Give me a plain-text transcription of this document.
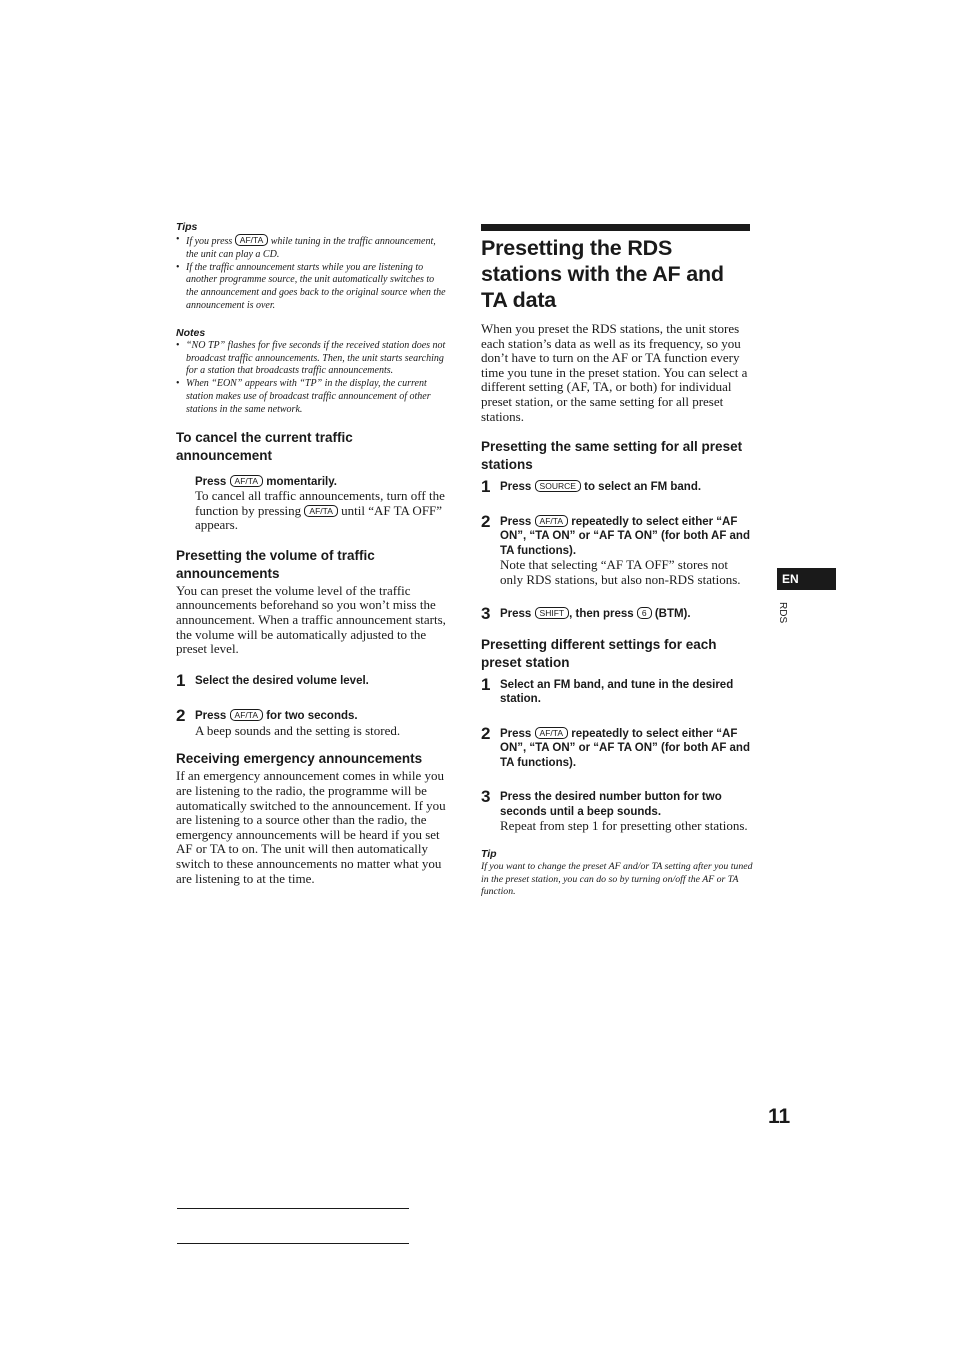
Tips

• If you press AF/TA while tuning in the traffic announcement, the unit can play a CD.
• If the traffic announcement starts while you are listening to another programme source, the unit automatically switches to the announcement and goes back to the original source when the announcement is over.

Notes

• “NO TP” flashes for five seconds if the received station does not broadcast traffic announcements. Then, the unit starts searching for a station that broadcasts traffic announcements.
• When “EON” appears with “TP” in the display, the current station makes use of broadcast traffic announcement of other stations in the same network.
To cancel the current traffic announcement
Press AF/TA momentarily.
To cancel all traffic announcements, turn off the function by pressing AF/TA until “AF TA OFF” appears.
Presetting the volume of traffic announcements

You can preset the volume level of the traffic announcements beforehand so you won’t miss the announcement. When a traffic announcement starts, the volume will be automatically adjusted to the preset level.

1 Select the desired volume level.
2 Press AF/TA for two seconds.
A beep sounds and the setting is stored.
Receiving emergency announcements

If an emergency announcement comes in while you are listening to the radio, the programme will be automatically switched to the announcement. If you are listening to a source other than the radio, the emergency announcements will be heard if you set AF or TA to on. The unit will then automatically switch to these announcements no matter what you are listening to at the time.

Presetting the RDS stations with the AF and TA data

When you preset the RDS stations, the unit stores each station’s data as well as its frequency, so you don’t have to turn on the AF or TA function every time you tune in the preset station. You can select a different setting (AF, TA, or both) for individual preset station, or the same setting for all preset stations.

Presetting the same setting for all preset stations
1 Press SOURCE to select an FM band.
2 Press AF/TA repeatedly to select either “AF ON”, “TA ON” or “AF TA ON” (for both AF and TA functions).
Note that selecting “AF TA OFF” stores not only RDS stations, but also non-RDS stations.
3 Press SHIFT , then press 6 (BTM).
Presetting different settings for each preset station
1 Select an FM band, and tune in the desired station.
2 Press AF/TA repeatedly to select either “AF ON”, “TA ON” or “AF TA ON” (for both AF and TA functions).
3 Press the desired number button for two seconds until a beep sounds.
Repeat from step 1 for presetting other stations.

Tip

If you want to change the preset AF and/or TA setting after you tuned in the preset station, you can do so by turning on/off the AF or TA function.

EN
RDS
11
